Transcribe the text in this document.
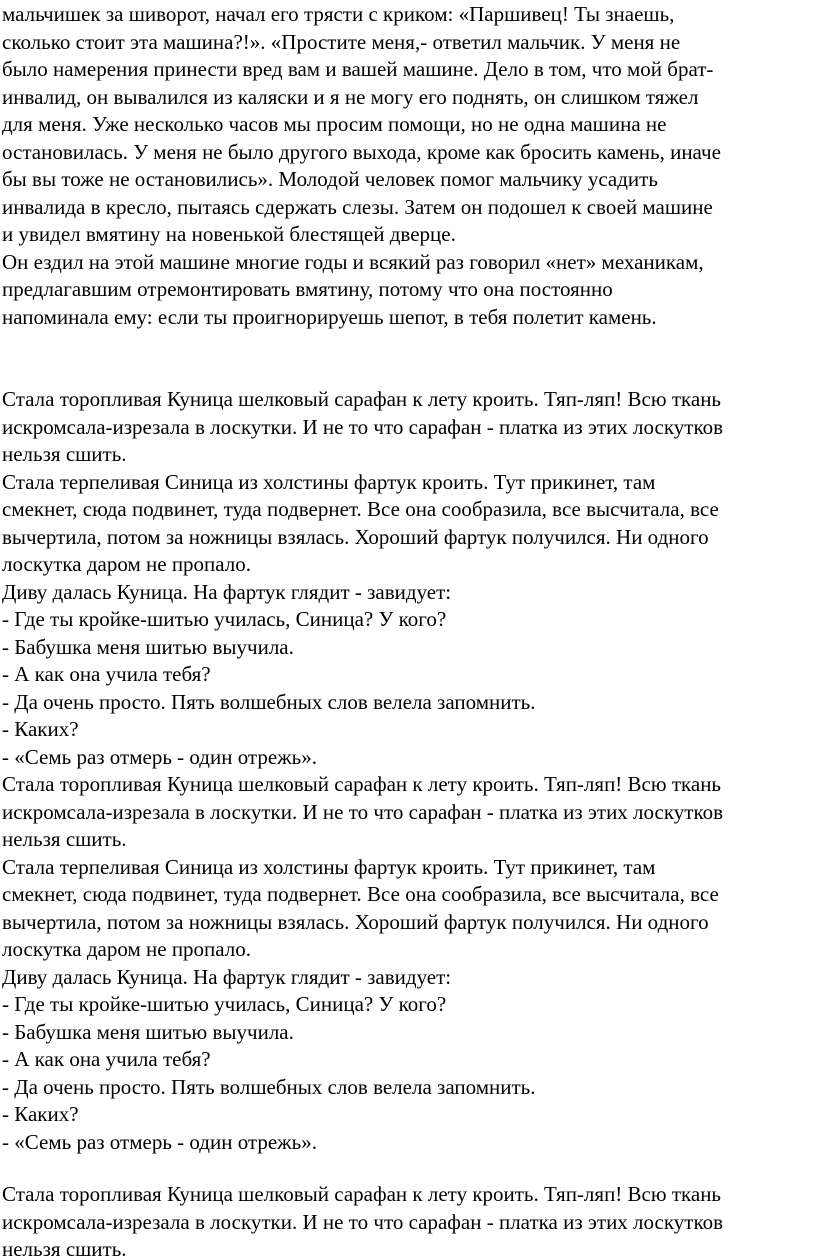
мальчишек за шиворот, начал его трясти с криком: «Паршивец! Ты знаешь,
сколько стоит эта машина?!». «Простите меня,- ответил мальчик. У меня не
было намерения принести вред вам и вашей машине. Дело в том, что мой брат-
инвалид, он вывалился из каляски и я не могу его поднять, он слишком тяжел
для меня. Уже несколько часов мы просим помощи, но не одна машина не
остановилась. У меня не было другого выхода, кроме как бросить камень, иначе
бы вы тоже не остановились». Молодой человек помог мальчику усадить
инвалида в кресло, пытаясь сдержать слезы. Затем он подошел к своей машине
и увидел вмятину на новенькой блестящей дверце.
Он ездил на этой машине многие годы и всякий раз говорил «нет» механикам,
предлагавшим отремонтировать вмятину, потому что она постоянно
напоминала ему: если ты проигнорируешь шепот, в тебя полетит камень.
Стала торопливая Куница шелковый сарафан к лету кроить. Тяп-ляп! Всю ткань
искромсала-изрезала в лоскутки. И не то что сарафан - платка из этих лоскутков
нельзя сшить.
Стала терпеливая Синица из холстины фартук кроить. Тут прикинет, там
смекнет, сюда подвинет, туда подвернет. Все она сообразила, все высчитала, все
вычертила, потом за ножницы взялась. Хороший фартук получился. Ни одного
лоскутка даром не пропало.
Диву далась Куница. На фартук глядит - завидует:
- Где ты кройке-шитью училась, Синица? У кого?
- Бабушка меня шитью выучила.
- А как она учила тебя?
- Да очень просто. Пять волшебных слов велела запомнить.
- Каких?
- «Семь раз отмерь - один отрежь».
Стала торопливая Куница шелковый сарафан к лету кроить. Тяп-ляп! Всю ткань
искромсала-изрезала в лоскутки. И не то что сарафан - платка из этих лоскутков
нельзя сшить.
Стала терпеливая Синица из холстины фартук кроить. Тут прикинет, там
смекнет, сюда подвинет, туда подвернет. Все она сообразила, все высчитала, все
вычертила, потом за ножницы взялась. Хороший фартук получился. Ни одного
лоскутка даром не пропало.
Диву далась Куница. На фартук глядит - завидует:
- Где ты кройке-шитью училась, Синица? У кого?
- Бабушка меня шитью выучила.
- А как она учила тебя?
- Да очень просто. Пять волшебных слов велела запомнить.
- Каких?
- «Семь раз отмерь - один отрежь».
Стала торопливая Куница шелковый сарафан к лету кроить. Тяп-ляп! Всю ткань
искромсала-изрезала в лоскутки. И не то что сарафан - платка из этих лоскутков
нельзя сшить.
